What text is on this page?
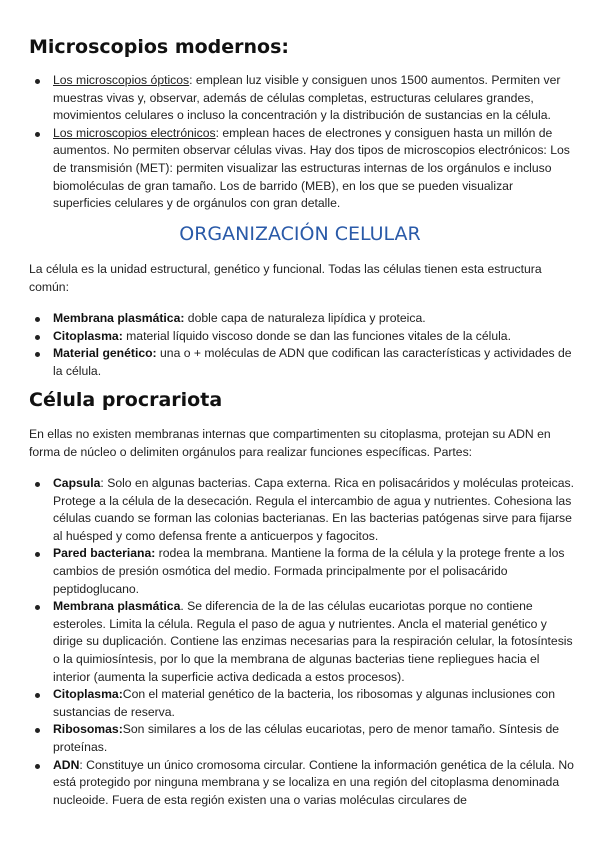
Microscopios modernos:
Los microscopios ópticos: emplean luz visible y consiguen unos 1500 aumentos. Permiten ver muestras vivas y, observar, además de células completas, estructuras celulares grandes, movimientos celulares o incluso la concentración y la distribución de sustancias en la célula.
Los microscopios electrónicos: emplean haces de electrones y consiguen hasta un millón de aumentos. No permiten observar células vivas. Hay dos tipos de microscopios electrónicos: Los de transmisión (MET): permiten visualizar las estructuras internas de los orgánulos e incluso biomoléculas de gran tamaño. Los de barrido (MEB), en los que se pueden visualizar superficies celulares y de orgánulos con gran detalle.
ORGANIZACIÓN CELULAR

La célula es la unidad estructural, genético y funcional. Todas las células tienen esta estructura común:

Membrana plasmática: doble capa de naturaleza lipídica y proteica.
Citoplasma: material líquido viscoso donde se dan las funciones vitales de la célula.
Material genético: una o + moléculas de ADN que codifican las características y actividades de la célula.
Célula procrariota

En ellas no existen membranas internas que compartimenten su citoplasma, protejan su ADN en forma de núcleo o delimiten orgánulos para realizar funciones específicas. Partes:

Capsula: Solo en algunas bacterias. Capa externa. Rica en polisacáridos y moléculas proteicas. Protege a la célula de la desecación. Regula el intercambio de agua y nutrientes. Cohesiona las células cuando se forman las colonias bacterianas. En las bacterias patógenas sirve para fijarse al huésped y como defensa frente a anticuerpos y fagocitos.
Pared bacteriana: rodea la membrana. Mantiene la forma de la célula y la protege frente a los cambios de presión osmótica del medio. Formada principalmente por el polisacárido peptidoglucano.
Membrana plasmática. Se diferencia de la de las células eucariotas porque no contiene esteroles. Limita la célula. Regula el paso de agua y nutrientes. Ancla el material genético y dirige su duplicación. Contiene las enzimas necesarias para la respiración celular, la fotosíntesis o la quimiosíntesis, por lo que la membrana de algunas bacterias tiene repliegues hacia el interior (aumenta la superficie activa dedicada a estos procesos).
Citoplasma:Con el material genético de la bacteria, los ribosomas y algunas inclusiones con sustancias de reserva.
Ribosomas:Son similares a los de las células eucariotas, pero de menor tamaño. Síntesis de proteínas.
ADN: Constituye un único cromosoma circular. Contiene la información genética de la célula. No está protegido por ninguna membrana y se localiza en una región del citoplasma denominada nucleoide. Fuera de esta región existen una o varias moléculas circulares de
